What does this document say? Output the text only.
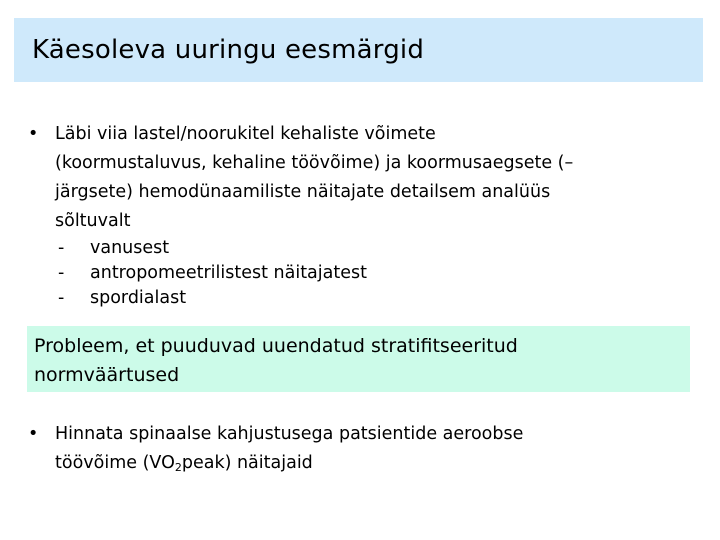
Käesoleva uuringu eesmärgid
• Läbi viia lastel/noorukitel kehaliste võimete
(koormustaluvus, kehaline töövõime) ja koormusaegsete (–
järgsete) hemodünaamiliste näitajate detailsem analüüs
sõltuvalt
- vanusest
- antropomeetrilistest näitajatest
- spordialast
Probleem, et puuduvad uuendatud stratifitseeritud
normväärtused
• Hinnata spinaalse kahjustusega patsientide aeroobse
töövõime $(VO_2peak)$ näitajaid
